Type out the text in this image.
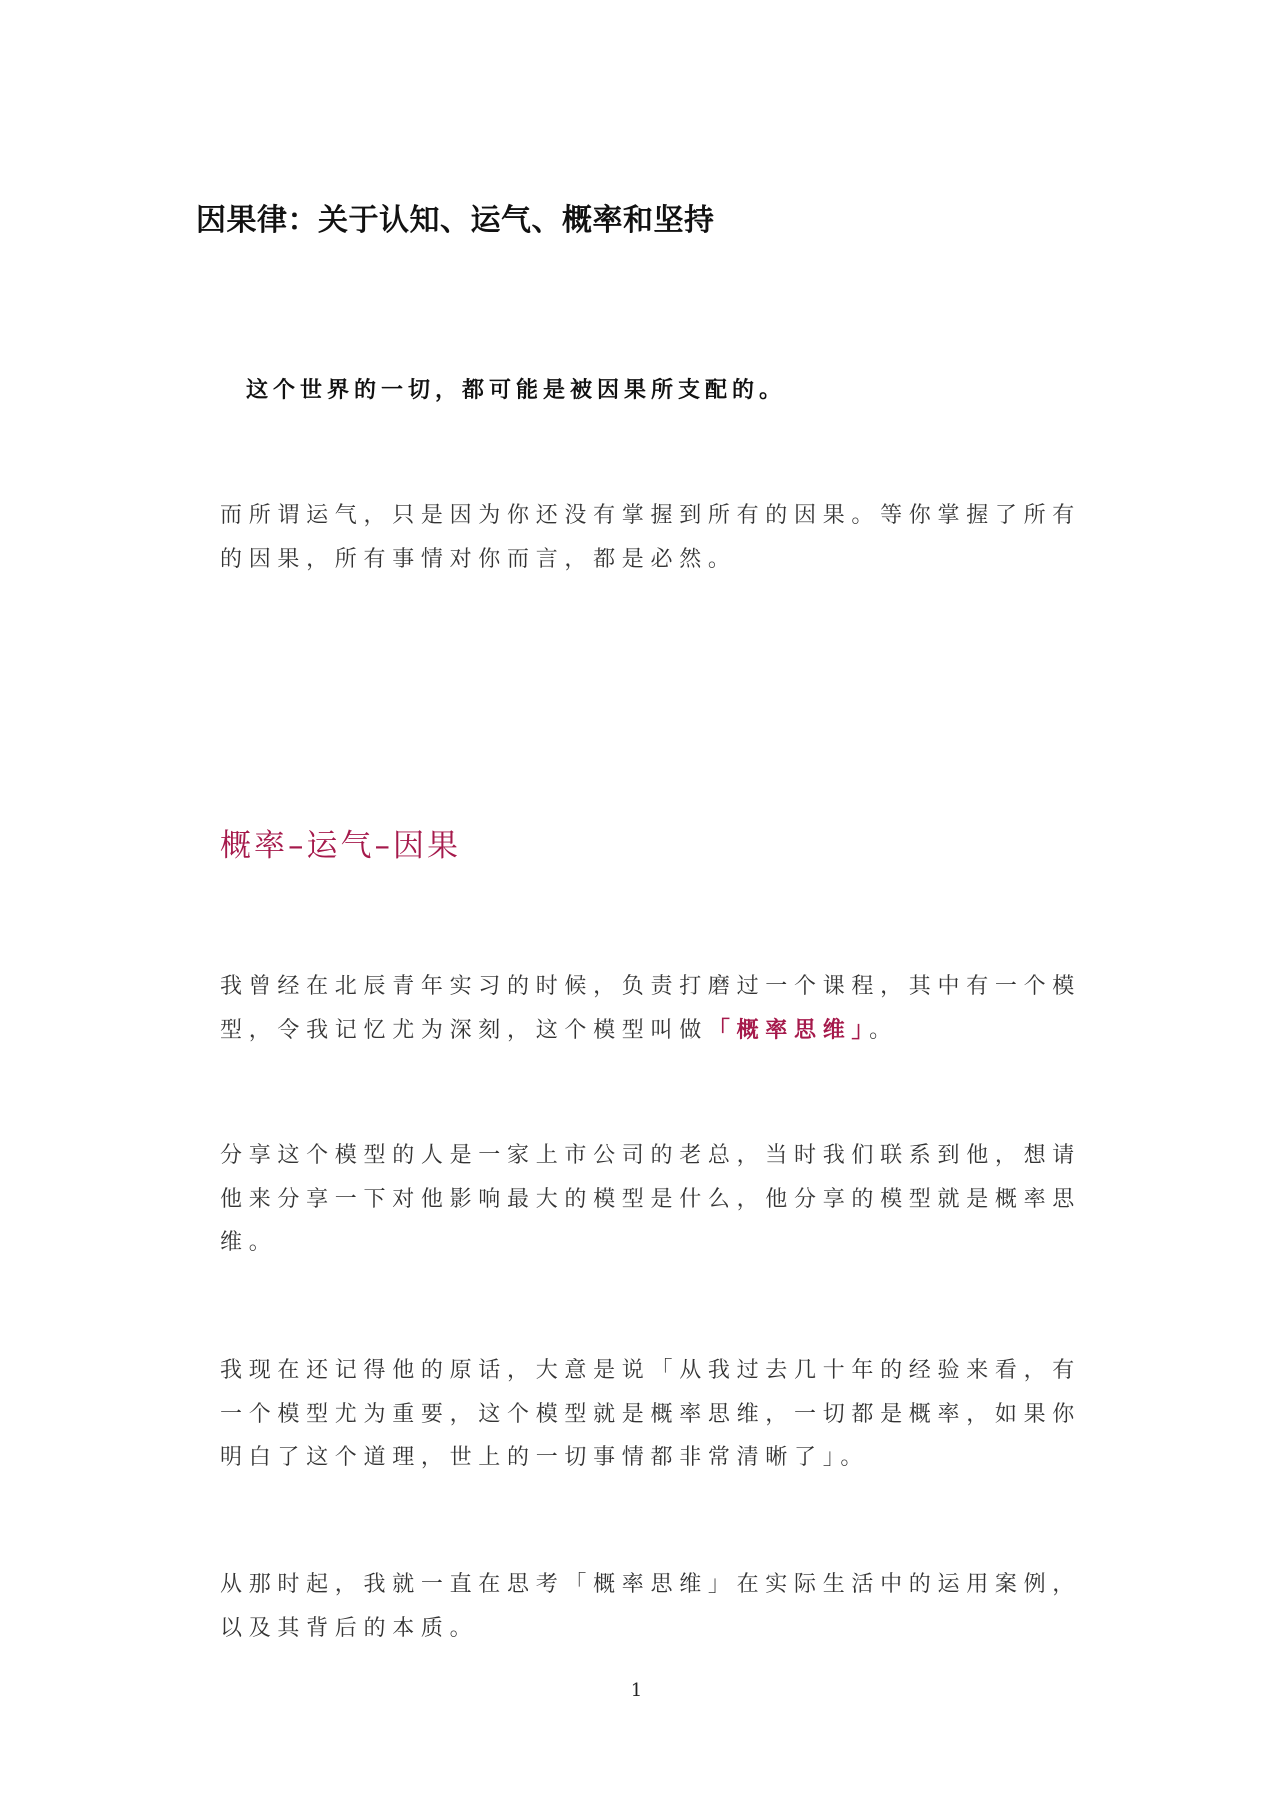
因果律：关于认知、运气、概率和坚持

这个世界的一切，都可能是被因果所支配的。

而所谓运气，只是因为你还没有掌握到所有的因果。等你掌握了所有
的因果，所有事情对你而言，都是必然。
概率–运气–因果
我曾经在北辰青年实习的时候，负责打磨过一个课程，其中有一个模
型，令我记忆尤为深刻，这个模型叫做「概率思维」。
分享这个模型的人是一家上市公司的老总，当时我们联系到他，想请
他来分享一下对他影响最大的模型是什么，他分享的模型就是概率思
维。
我现在还记得他的原话，大意是说「从我过去几十年的经验来看，有
一个模型尤为重要，这个模型就是概率思维，一切都是概率，如果你
明白了这个道理，世上的一切事情都非常清晰了」。
从那时起，我就一直在思考「概率思维」在实际生活中的运用案例，
以及其背后的本质。
1
